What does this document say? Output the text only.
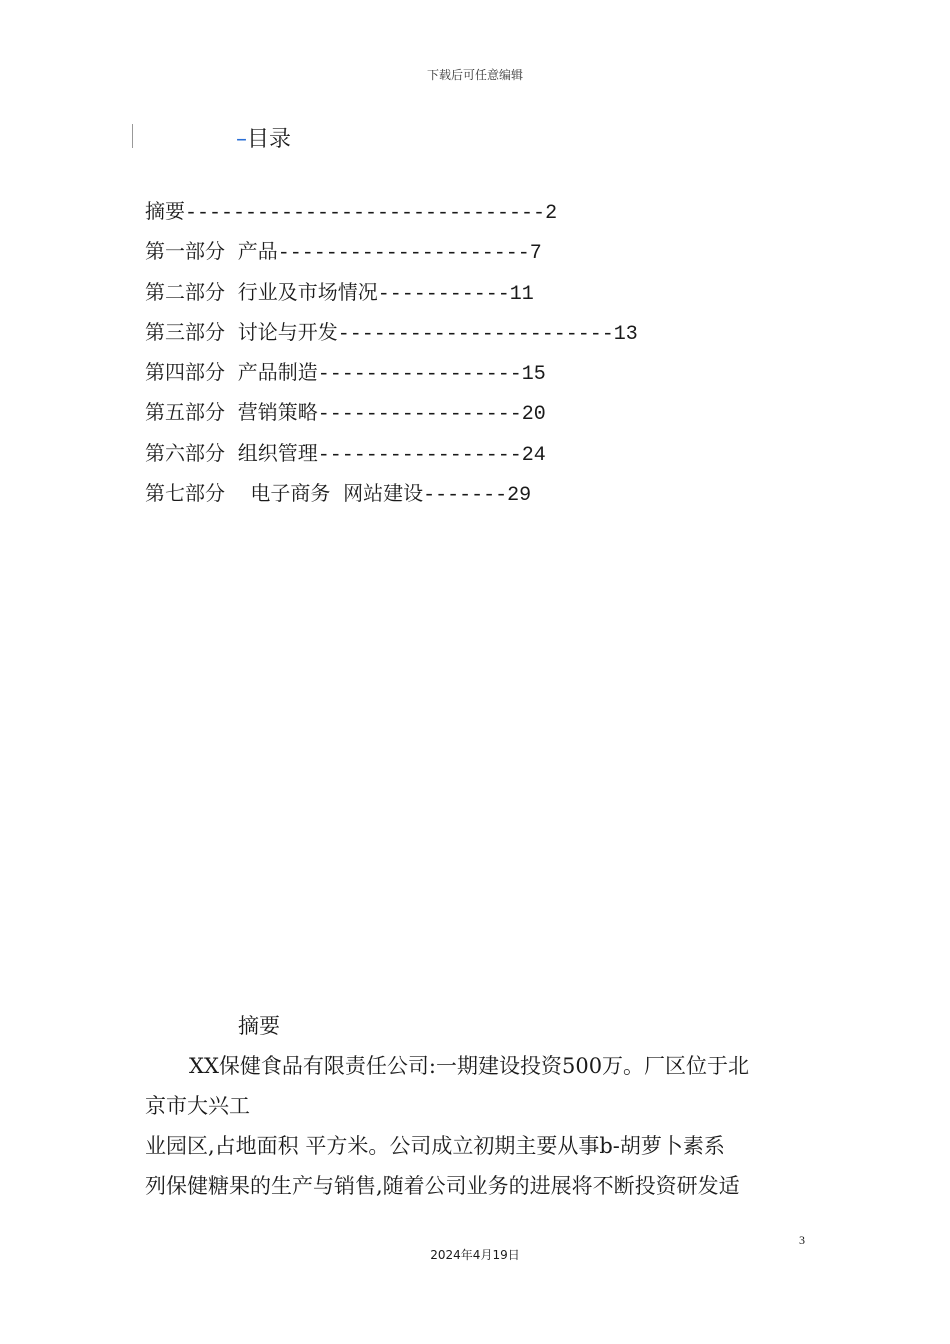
下载后可任意编辑
–目录
摘要------------------------------2
第一部分  产品---------------------7
第二部分  行业及市场情况-----------11
第三部分  讨论与开发-----------------------13
第四部分  产品制造-----------------15
第五部分  营销策略-----------------20
第六部分  组织管理-----------------24
第七部分    电子商务  网站建设-------29
摘要

XX保健食品有限责任公司:一期建设投资500万。厂区位于北

京市大兴工

业园区,占地面积 平方米。公司成立初期主要从事b-胡萝卜素系

列保健糖果的生产与销售,随着公司业务的进展将不断投资研发适

3
2024年4月19日
